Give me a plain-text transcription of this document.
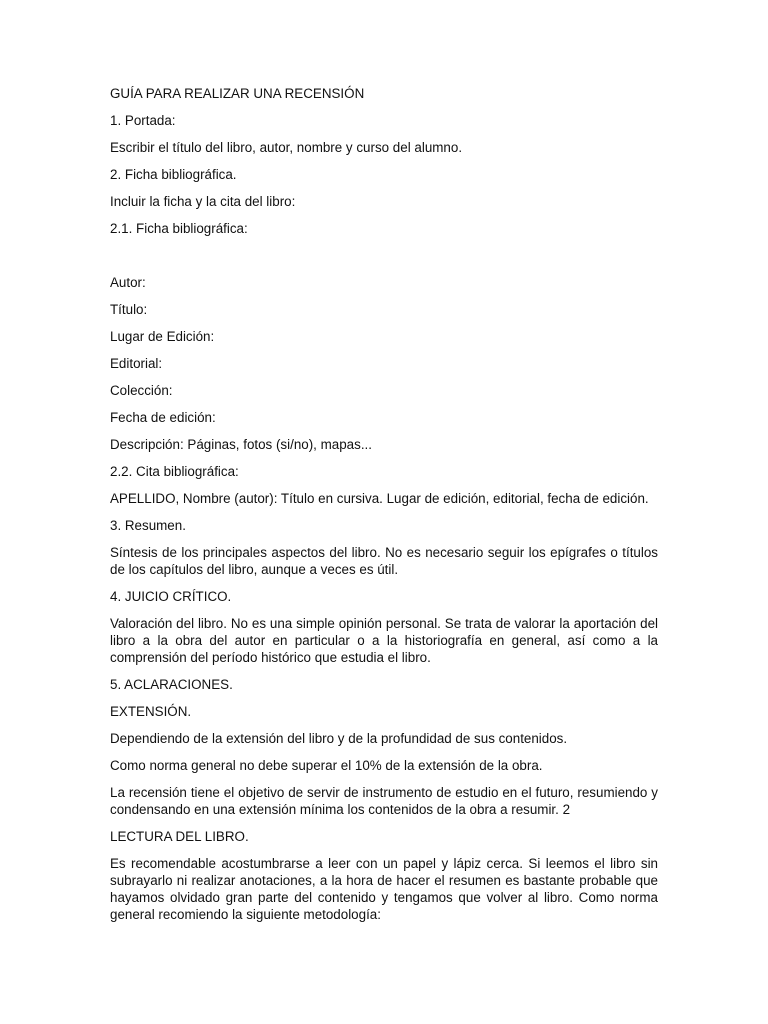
GUÍA PARA REALIZAR UNA RECENSIÓN

1. Portada:

Escribir el título del libro, autor, nombre y curso del alumno.

2. Ficha bibliográfica.

Incluir la ficha y la cita del libro:

2.1. Ficha bibliográfica:

Autor:

Título:

Lugar de Edición:

Editorial:

Colección:

Fecha de edición:

Descripción: Páginas, fotos (si/no), mapas...

2.2. Cita bibliográfica:

APELLIDO, Nombre (autor): Título en cursiva. Lugar de edición, editorial, fecha de edición.

3. Resumen.

Síntesis de los principales aspectos del libro. No es necesario seguir los epígrafes o títulos de los capítulos del libro, aunque a veces es útil.

4. JUICIO CRÍTICO.

Valoración del libro. No es una simple opinión personal. Se trata de valorar la aportación del libro a la obra del autor en particular o a la historiografía en general, así como a la comprensión del período histórico que estudia el libro.

5. ACLARACIONES.

EXTENSIÓN.

Dependiendo de la extensión del libro y de la profundidad de sus contenidos.

Como norma general no debe superar el 10% de la extensión de la obra.

La recensión tiene el objetivo de servir de instrumento de estudio en el futuro, resumiendo y condensando en una extensión mínima los contenidos de la obra a resumir. 2

LECTURA DEL LIBRO.

Es recomendable acostumbrarse a leer con un papel y lápiz cerca. Si leemos el libro sin subrayarlo ni realizar anotaciones, a la hora de hacer el resumen es bastante probable que hayamos olvidado gran parte del contenido y tengamos que volver al libro. Como norma general recomiendo la siguiente metodología:
